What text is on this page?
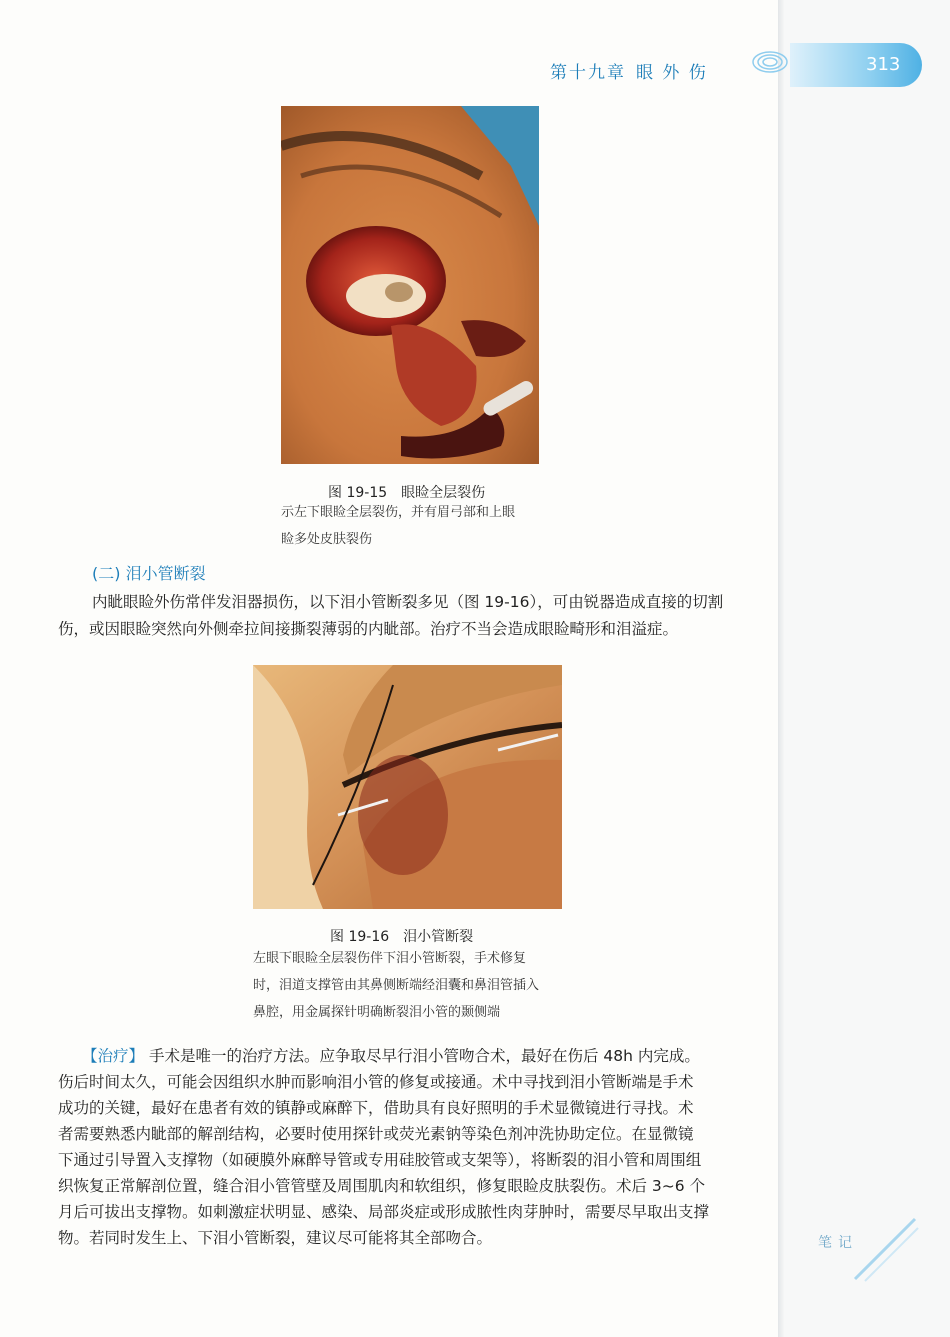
第十九章 眼 外 伤	313
图 19-15　眼睑全层裂伤
示左下眼睑全层裂伤，并有眉弓部和上眼
睑多处皮肤裂伤
(二) 泪小管断裂
内眦眼睑外伤常伴发泪器损伤，以下泪小管断裂多见（图 19-16），可由锐器造成直接的切割
伤，或因眼睑突然向外侧牵拉间接撕裂薄弱的内眦部。治疗不当会造成眼睑畸形和泪溢症。
图 19-16　泪小管断裂
左眼下眼睑全层裂伤伴下泪小管断裂，手术修复
时，泪道支撑管由其鼻侧断端经泪囊和鼻泪管插入
鼻腔，用金属探针明确断裂泪小管的颞侧端
【治疗】 手术是唯一的治疗方法。应争取尽早行泪小管吻合术，最好在伤后 48h 内完成。
伤后时间太久，可能会因组织水肿而影响泪小管的修复或接通。术中寻找到泪小管断端是手术
成功的关键，最好在患者有效的镇静或麻醉下，借助具有良好照明的手术显微镜进行寻找。术
者需要熟悉内眦部的解剖结构，必要时使用探针或荧光素钠等染色剂冲洗协助定位。在显微镜
下通过引导置入支撑物（如硬膜外麻醉导管或专用硅胶管或支架等），将断裂的泪小管和周围组
织恢复正常解剖位置，缝合泪小管管壁及周围肌肉和软组织，修复眼睑皮肤裂伤。术后 3~6 个
月后可拔出支撑物。如刺激症状明显、感染、局部炎症或形成脓性肉芽肿时，需要尽早取出支撑
物。若同时发生上、下泪小管断裂，建议尽可能将其全部吻合。	笔记
